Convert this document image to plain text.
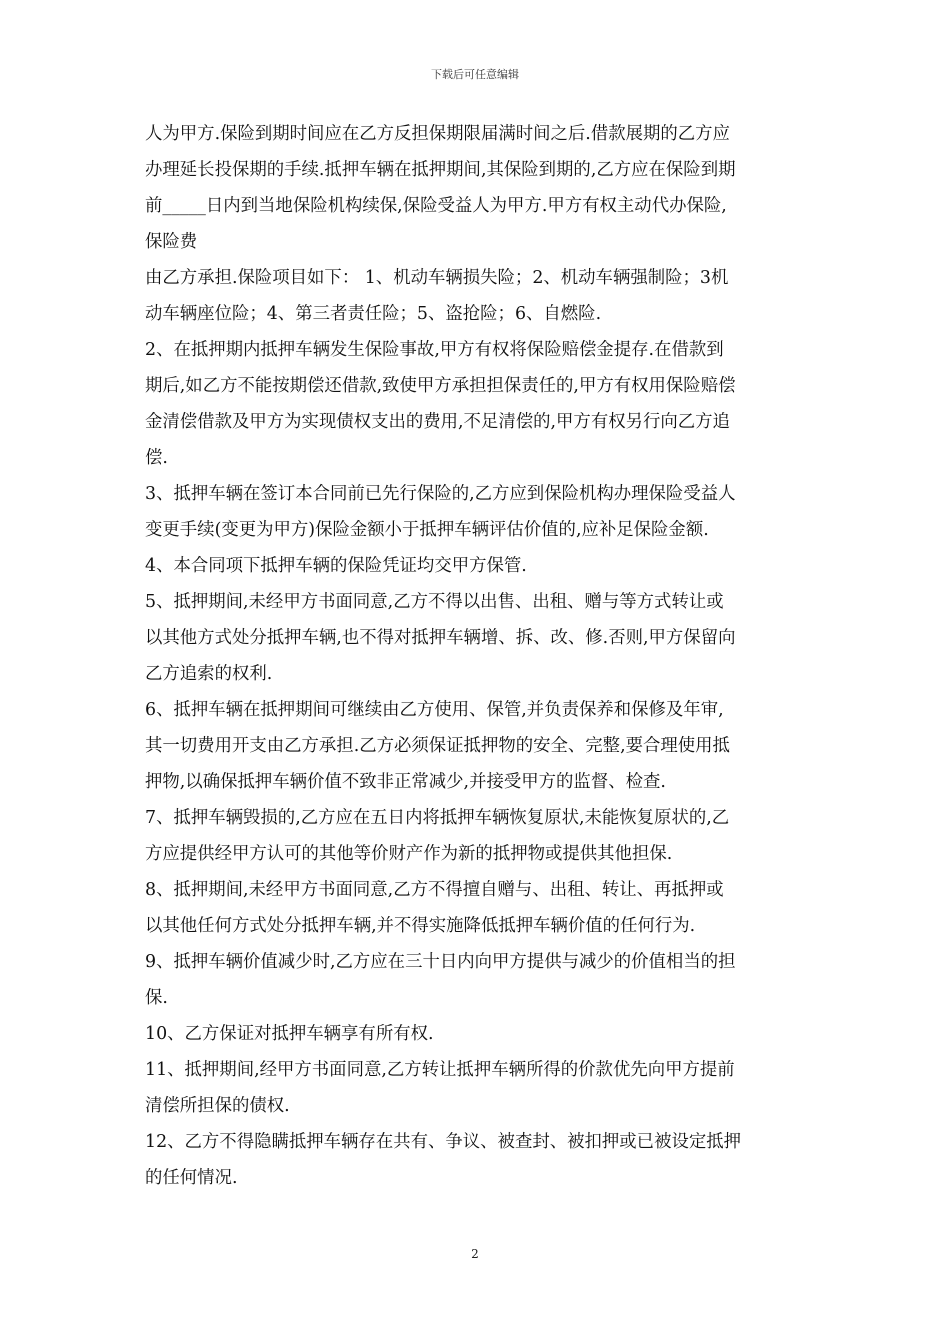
下载后可任意编辑
人为甲方.保险到期时间应在乙方反担保期限届满时间之后.借款展期的乙方应
办理延长投保期的手续.抵押车辆在抵押期间,其保险到期的,乙方应在保险到期
前_____日内到当地保险机构续保,保险受益人为甲方.甲方有权主动代办保险,
保险费
由乙方承担.保险项目如下： 1、机动车辆损失险；2、机动车辆强制险；3机
动车辆座位险；4、第三者责任险；5、盗抢险；6、自燃险.
2、在抵押期内抵押车辆发生保险事故,甲方有权将保险赔偿金提存.在借款到
期后,如乙方不能按期偿还借款,致使甲方承担担保责任的,甲方有权用保险赔偿
金清偿借款及甲方为实现债权支出的费用,不足清偿的,甲方有权另行向乙方追
偿.
3、抵押车辆在签订本合同前已先行保险的,乙方应到保险机构办理保险受益人
变更手续(变更为甲方)保险金额小于抵押车辆评估价值的,应补足保险金额.
4、本合同项下抵押车辆的保险凭证均交甲方保管.
5、抵押期间,未经甲方书面同意,乙方不得以出售、出租、赠与等方式转让或
以其他方式处分抵押车辆,也不得对抵押车辆增、拆、改、修.否则,甲方保留向
乙方追索的权利.
6、抵押车辆在抵押期间可继续由乙方使用、保管,并负责保养和保修及年审,
其一切费用开支由乙方承担.乙方必须保证抵押物的安全、完整,要合理使用抵
押物,以确保抵押车辆价值不致非正常减少,并接受甲方的监督、检查.
7、抵押车辆毁损的,乙方应在五日内将抵押车辆恢复原状,未能恢复原状的,乙
方应提供经甲方认可的其他等价财产作为新的抵押物或提供其他担保.
8、抵押期间,未经甲方书面同意,乙方不得擅自赠与、出租、转让、再抵押或
以其他任何方式处分抵押车辆,并不得实施降低抵押车辆价值的任何行为.
9、抵押车辆价值减少时,乙方应在三十日内向甲方提供与减少的价值相当的担
保.
10、乙方保证对抵押车辆享有所有权.
11、抵押期间,经甲方书面同意,乙方转让抵押车辆所得的价款优先向甲方提前
清偿所担保的债权.
12、乙方不得隐瞒抵押车辆存在共有、争议、被查封、被扣押或已被设定抵押
的任何情况.
2
